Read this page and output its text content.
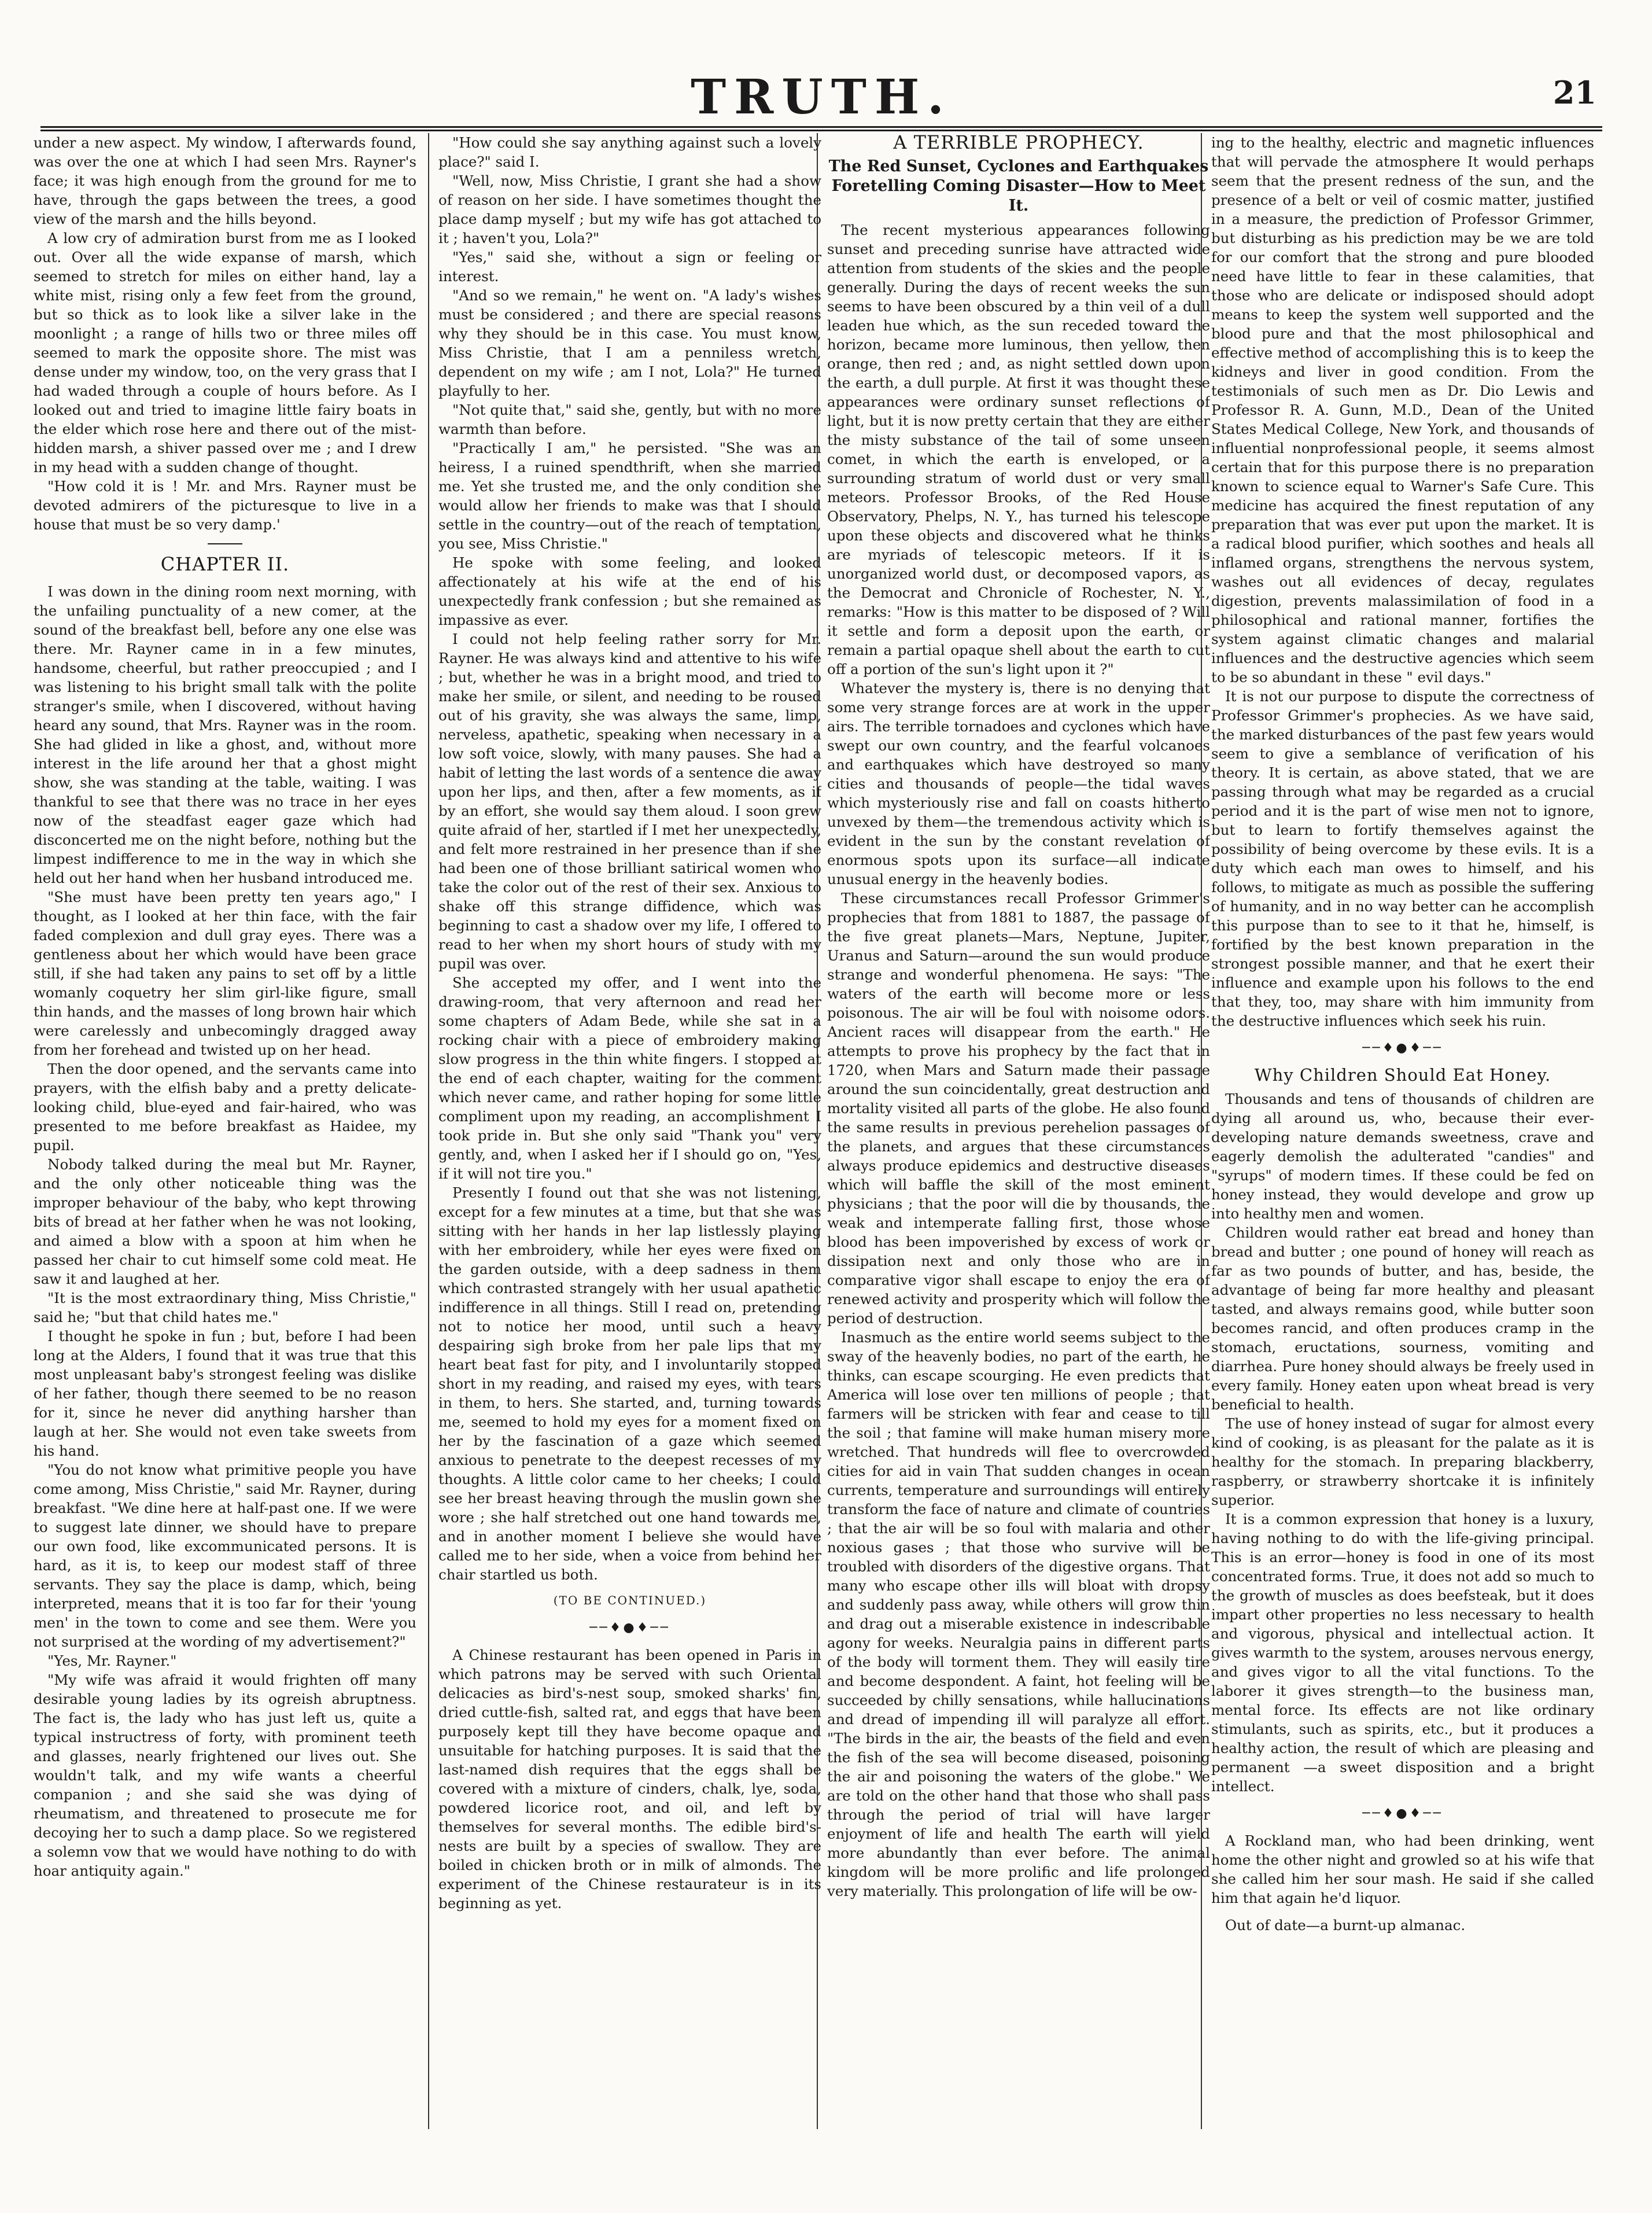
TRUTH.	21

under a new aspect. My window, I afterwards found, was over the one at which I had seen Mrs. Rayner's face; it was high enough from the ground for me to have, through the gaps between the trees, a good view of the marsh and the hills beyond.

A low cry of admiration burst from me as I looked out. Over all the wide expanse of marsh, which seemed to stretch for miles on either hand, lay a white mist, rising only a few feet from the ground, but so thick as to look like a silver lake in the moonlight ; a range of hills two or three miles off seemed to mark the opposite shore. The mist was dense under my window, too, on the very grass that I had waded through a couple of hours before. As I looked out and tried to imagine little fairy boats in the elder which rose here and there out of the mist-hidden marsh, a shiver passed over me ; and I drew in my head with a sudden change of thought.

"How cold it is ! Mr. and Mrs. Rayner must be devoted admirers of the picturesque to live in a house that must be so very damp.'

CHAPTER II.

I was down in the dining room next morning, with the unfailing punctuality of a new comer, at the sound of the breakfast bell, before any one else was there. Mr. Rayner came in in a few minutes, handsome, cheerful, but rather preoccupied ; and I was listening to his bright small talk with the polite stranger's smile, when I discovered, without having heard any sound, that Mrs. Rayner was in the room. She had glided in like a ghost, and, without more interest in the life around her that a ghost might show, she was standing at the table, waiting. I was thankful to see that there was no trace in her eyes now of the steadfast eager gaze which had disconcerted me on the night before, nothing but the limpest indifference to me in the way in which she held out her hand when her husband introduced me.

"She must have been pretty ten years ago," I thought, as I looked at her thin face, with the fair faded complexion and dull gray eyes. There was a gentleness about her which would have been grace still, if she had taken any pains to set off by a little womanly coquetry her slim girl-like figure, small thin hands, and the masses of long brown hair which were carelessly and unbecomingly dragged away from her forehead and twisted up on her head.

Then the door opened, and the servants came into prayers, with the elfish baby and a pretty delicate-looking child, blue-eyed and fair-haired, who was presented to me before breakfast as Haidee, my pupil.

Nobody talked during the meal but Mr. Rayner, and the only other noticeable thing was the improper behaviour of the baby, who kept throwing bits of bread at her father when he was not looking, and aimed a blow with a spoon at him when he passed her chair to cut himself some cold meat. He saw it and laughed at her.

"It is the most extraordinary thing, Miss Christie," said he; "but that child hates me."

I thought he spoke in fun ; but, before I had been long at the Alders, I found that it was true that this most unpleasant baby's strongest feeling was dislike of her father, though there seemed to be no reason for it, since he never did anything harsher than laugh at her. She would not even take sweets from his hand.

"You do not know what primitive people you have come among, Miss Christie," said Mr. Rayner, during breakfast. "We dine here at half-past one. If we were to suggest late dinner, we should have to prepare our own food, like excommunicated persons. It is hard, as it is, to keep our modest staff of three servants. They say the place is damp, which, being interpreted, means that it is too far for their 'young men' in the town to come and see them. Were you not surprised at the wording of my advertisement?"

"Yes, Mr. Rayner."

"My wife was afraid it would frighten off many desirable young ladies by its ogreish abruptness. The fact is, the lady who has just left us, quite a typical instructress of forty, with prominent teeth and glasses, nearly frightened our lives out. She wouldn't talk, and my wife wants a cheerful companion ; and she said she was dying of rheumatism, and threatened to prosecute me for decoying her to such a damp place. So we registered a solemn vow that we would have nothing to do with hoar antiquity again."

"How could she say anything against such a lovely place?" said I.

"Well, now, Miss Christie, I grant she had a show of reason on her side. I have sometimes thought the place damp myself ; but my wife has got attached to it ; haven't you, Lola?"

"Yes," said she, without a sign or feeling or interest.

"And so we remain," he went on. "A lady's wishes must be considered ; and there are special reasons why they should be in this case. You must know, Miss Christie, that I am a penniless wretch, dependent on my wife ; am I not, Lola?" He turned playfully to her.

"Not quite that," said she, gently, but with no more warmth than before.

"Practically I am," he persisted. "She was an heiress, I a ruined spendthrift, when she married me. Yet she trusted me, and the only condition she would allow her friends to make was that I should settle in the country—out of the reach of temptation, you see, Miss Christie."

He spoke with some feeling, and looked affectionately at his wife at the end of his unexpectedly frank confession ; but she remained as impassive as ever.

I could not help feeling rather sorry for Mr. Rayner. He was always kind and attentive to his wife ; but, whether he was in a bright mood, and tried to make her smile, or silent, and needing to be roused out of his gravity, she was always the same, limp, nerveless, apathetic, speaking when necessary in a low soft voice, slowly, with many pauses. She had a habit of letting the last words of a sentence die away upon her lips, and then, after a few moments, as if by an effort, she would say them aloud. I soon grew quite afraid of her, startled if I met her unexpectedly, and felt more restrained in her presence than if she had been one of those brilliant satirical women who take the color out of the rest of their sex. Anxious to shake off this strange diffidence, which was beginning to cast a shadow over my life, I offered to read to her when my short hours of study with my pupil was over.

She accepted my offer, and I went into the drawing-room, that very afternoon and read her some chapters of Adam Bede, while she sat in a rocking chair with a piece of embroidery making slow progress in the thin white fingers. I stopped at the end of each chapter, waiting for the comment which never came, and rather hoping for some little compliment upon my reading, an accomplishment I took pride in. But she only said "Thank you" very gently, and, when I asked her if I should go on, "Yes, if it will not tire you."

Presently I found out that she was not listening, except for a few minutes at a time, but that she was sitting with her hands in her lap listlessly playing with her embroidery, while her eyes were fixed on the garden outside, with a deep sadness in them which contrasted strangely with her usual apathetic indifference in all things. Still I read on, pretending not to notice her mood, until such a heavy despairing sigh broke from her pale lips that my heart beat fast for pity, and I involuntarily stopped short in my reading, and raised my eyes, with tears in them, to hers. She started, and, turning towards me, seemed to hold my eyes for a moment fixed on her by the fascination of a gaze which seemed anxious to penetrate to the deepest recesses of my thoughts. A little color came to her cheeks; I could see her breast heaving through the muslin gown she wore ; she half stretched out one hand towards me, and in another moment I believe she would have called me to her side, when a voice from behind her chair startled us both.

(TO BE CONTINUED.)
──♦●♦──

A Chinese restaurant has been opened in Paris in which patrons may be served with such Oriental delicacies as bird's-nest soup, smoked sharks' fin, dried cuttle-fish, salted rat, and eggs that have been purposely kept till they have become opaque and unsuitable for hatching purposes. It is said that the last-named dish requires that the eggs shall be covered with a mixture of cinders, chalk, lye, soda, powdered licorice root, and oil, and left by themselves for several months. The edible bird's-nests are built by a species of swallow. They are boiled in chicken broth or in milk of almonds. The experiment of the Chinese restaurateur is in its beginning as yet.

A TERRIBLE PROPHECY.
The Red Sunset, Cyclones and Earthquakes Foretelling Coming Disaster—How to Meet It.

The recent mysterious appearances following sunset and preceding sunrise have attracted wide attention from students of the skies and the people generally. During the days of recent weeks the sun seems to have been obscured by a thin veil of a dull leaden hue which, as the sun receded toward the horizon, became more luminous, then yellow, then orange, then red ; and, as night settled down upon the earth, a dull purple. At first it was thought these appearances were ordinary sunset reflections of light, but it is now pretty certain that they are either the misty substance of the tail of some unseen comet, in which the earth is enveloped, or a surrounding stratum of world dust or very small meteors. Professor Brooks, of the Red House Observatory, Phelps, N. Y., has turned his telescope upon these objects and discovered what he thinks are myriads of telescopic meteors. If it is unorganized world dust, or decomposed vapors, as the Democrat and Chronicle of Rochester, N. Y., remarks: "How is this matter to be disposed of ? Will it settle and form a deposit upon the earth, or remain a partial opaque shell about the earth to cut off a portion of the sun's light upon it ?"

Whatever the mystery is, there is no denying that some very strange forces are at work in the upper airs. The terrible tornadoes and cyclones which have swept our own country, and the fearful volcanoes and earthquakes which have destroyed so many cities and thousands of people—the tidal waves which mysteriously rise and fall on coasts hitherto unvexed by them—the tremendous activity which is evident in the sun by the constant revelation of enormous spots upon its surface—all indicate unusual energy in the heavenly bodies.

These circumstances recall Professor Grimmer's prophecies that from 1881 to 1887, the passage of the five great planets—Mars, Neptune, Jupiter, Uranus and Saturn—around the sun would produce strange and wonderful phenomena. He says: "The waters of the earth will become more or less poisonous. The air will be foul with noisome odors. Ancient races will disappear from the earth." He attempts to prove his prophecy by the fact that in 1720, when Mars and Saturn made their passage around the sun coincidentally, great destruction and mortality visited all parts of the globe. He also found the same results in previous perehelion passages of the planets, and argues that these circumstances always produce epidemics and destructive diseases which will baffle the skill of the most eminent physicians ; that the poor will die by thousands, the weak and intemperate falling first, those whose blood has been impoverished by excess of work or dissipation next and only those who are in comparative vigor shall escape to enjoy the era of renewed activity and prosperity which will follow the period of destruction.

Inasmuch as the entire world seems subject to the sway of the heavenly bodies, no part of the earth, he thinks, can escape scourging. He even predicts that America will lose over ten millions of people ; that farmers will be stricken with fear and cease to till the soil ; that famine will make human misery more wretched. That hundreds will flee to overcrowded cities for aid in vain That sudden changes in ocean currents, temperature and surroundings will entirely transform the face of nature and climate of countries ; that the air will be so foul with malaria and other noxious gases ; that those who survive will be troubled with disorders of the digestive organs. That many who escape other ills will bloat with dropsy and suddenly pass away, while others will grow thin and drag out a miserable existence in indescribable agony for weeks. Neuralgia pains in different parts of the body will torment them. They will easily tire and become despondent. A faint, hot feeling will be succeeded by chilly sensations, while hallucinations and dread of impending ill will paralyze all effort. "The birds in the air, the beasts of the field and even the fish of the sea will become diseased, poisoning the air and poisoning the waters of the globe." We are told on the other hand that those who shall pass through the period of trial will have larger enjoyment of life and health The earth will yield more abundantly than ever before. The animal kingdom will be more prolific and life prolonged very materially. This prolongation of life will be ow-

ing to the healthy, electric and magnetic influences that will pervade the atmosphere It would perhaps seem that the present redness of the sun, and the presence of a belt or veil of cosmic matter, justified in a measure, the prediction of Professor Grimmer, but disturbing as his prediction may be we are told for our comfort that the strong and pure blooded need have little to fear in these calamities, that those who are delicate or indisposed should adopt means to keep the system well supported and the blood pure and that the most philosophical and effective method of accomplishing this is to keep the kidneys and liver in good condition. From the testimonials of such men as Dr. Dio Lewis and Professor R. A. Gunn, M.D., Dean of the United States Medical College, New York, and thousands of influential nonprofessional people, it seems almost certain that for this purpose there is no preparation known to science equal to Warner's Safe Cure. This medicine has acquired the finest reputation of any preparation that was ever put upon the market. It is a radical blood purifier, which soothes and heals all inflamed organs, strengthens the nervous system, washes out all evidences of decay, regulates digestion, prevents malassimilation of food in a philosophical and rational manner, fortifies the system against climatic changes and malarial influences and the destructive agencies which seem to be so abundant in these " evil days."

It is not our purpose to dispute the correctness of Professor Grimmer's prophecies. As we have said, the marked disturbances of the past few years would seem to give a semblance of verification of his theory. It is certain, as above stated, that we are passing through what may be regarded as a crucial period and it is the part of wise men not to ignore, but to learn to fortify themselves against the possibility of being overcome by these evils. It is a duty which each man owes to himself, and his follows, to mitigate as much as possible the suffering of humanity, and in no way better can he accomplish this purpose than to see to it that he, himself, is fortified by the best known preparation in the strongest possible manner, and that he exert their influence and example upon his follows to the end that they, too, may share with him immunity from the destructive influences which seek his ruin.

──♦●♦──
Why Children Should Eat Honey.

Thousands and tens of thousands of children are dying all around us, who, because their ever-developing nature demands sweetness, crave and eagerly demolish the adulterated "candies" and "syrups" of modern times. If these could be fed on honey instead, they would develope and grow up into healthy men and women.

Children would rather eat bread and honey than bread and butter ; one pound of honey will reach as far as two pounds of butter, and has, beside, the advantage of being far more healthy and pleasant tasted, and always remains good, while butter soon becomes rancid, and often produces cramp in the stomach, eructations, sourness, vomiting and diarrhea. Pure honey should always be freely used in every family. Honey eaten upon wheat bread is very beneficial to health.

The use of honey instead of sugar for almost every kind of cooking, is as pleasant for the palate as it is healthy for the stomach. In preparing blackberry, raspberry, or strawberry shortcake it is infinitely superior.

It is a common expression that honey is a luxury, having nothing to do with the life-giving principal. This is an error—honey is food in one of its most concentrated forms. True, it does not add so much to the growth of muscles as does beefsteak, but it does impart other properties no less necessary to health and vigorous, physical and intellectual action. It gives warmth to the system, arouses nervous energy, and gives vigor to all the vital functions. To the laborer it gives strength—to the business man, mental force. Its effects are not like ordinary stimulants, such as spirits, etc., but it produces a healthy action, the result of which are pleasing and permanent —a sweet disposition and a bright intellect.

──♦●♦──

A Rockland man, who had been drinking, went home the other night and growled so at his wife that she called him her sour mash. He said if she called him that again he'd liquor.

Out of date—a burnt-up almanac.
